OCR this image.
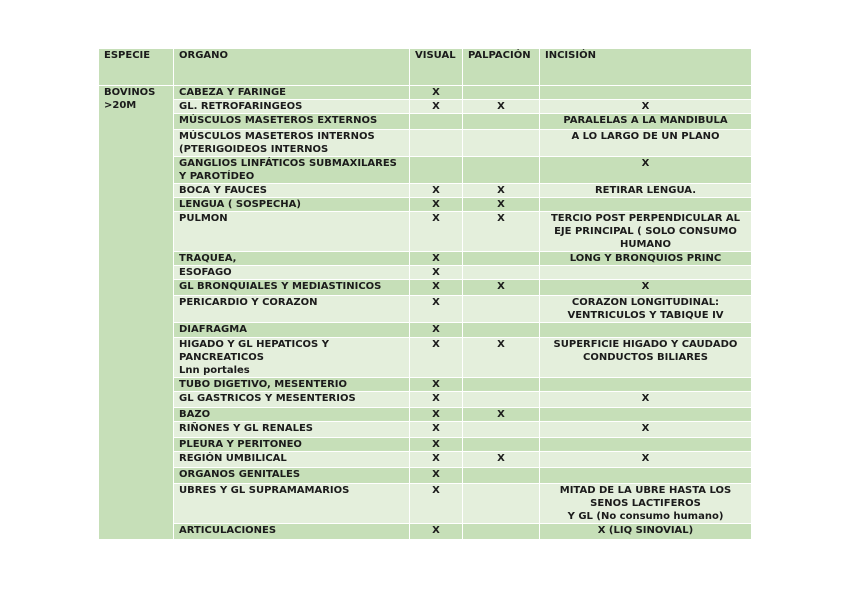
ESPECIE	ORGANO	VISUAL	PALPACIÓN	INCISIÓN
BOVINOS >20M	CABEZA Y FARINGE	X		

	GL. RETROFARINGEOS	X	X	X

	MÚSCULOS MASETEROS EXTERNOS			PARALELAS A LA MANDIBULA

	MÚSCULOS MASETEROS INTERNOS (PTERIGOIDEOS INTERNOS			A LO LARGO DE UN PLANO

	GANGLIOS LINFÁTICOS SUBMAXILARES Y PAROTÍDEO			X

	BOCA Y FAUCES	X	X	RETIRAR LENGUA.

	LENGUA ( SOSPECHA)	X	X	

	PULMON	X	X	TERCIO POST PERPENDICULAR AL EJE PRINCIPAL ( SOLO CONSUMO HUMANO

	TRAQUEA,	X		LONG Y BRONQUIOS PRINC

	ESOFAGO	X		

	GL BRONQUIALES Y MEDIASTINICOS	X	X	X

	PERICARDIO Y CORAZON	X		CORAZON LONGITUDINAL: VENTRICULOS Y TABIQUE IV

	DIAFRAGMA	X		

	HIGADO Y GL HEPATICOS Y PANCREATICOS
Lnn portales	X	X	SUPERFICIE HIGADO Y CAUDADO CONDUCTOS BILIARES

	TUBO DIGETIVO, MESENTERIO	X		

	GL GASTRICOS Y MESENTERIOS	X		X

	BAZO	X	X	

	RIÑONES Y GL RENALES	X		X

	PLEURA Y PERITONEO	X		

	REGIÓN UMBILICAL	X	X	X

	ORGANOS GENITALES	X		

	UBRES Y GL SUPRAMAMARIOS	X		MITAD DE LA UBRE HASTA LOS SENOS LACTIFEROS
Y GL (No consumo humano)

	ARTICULACIONES	X		X (LIQ SINOVIAL)
